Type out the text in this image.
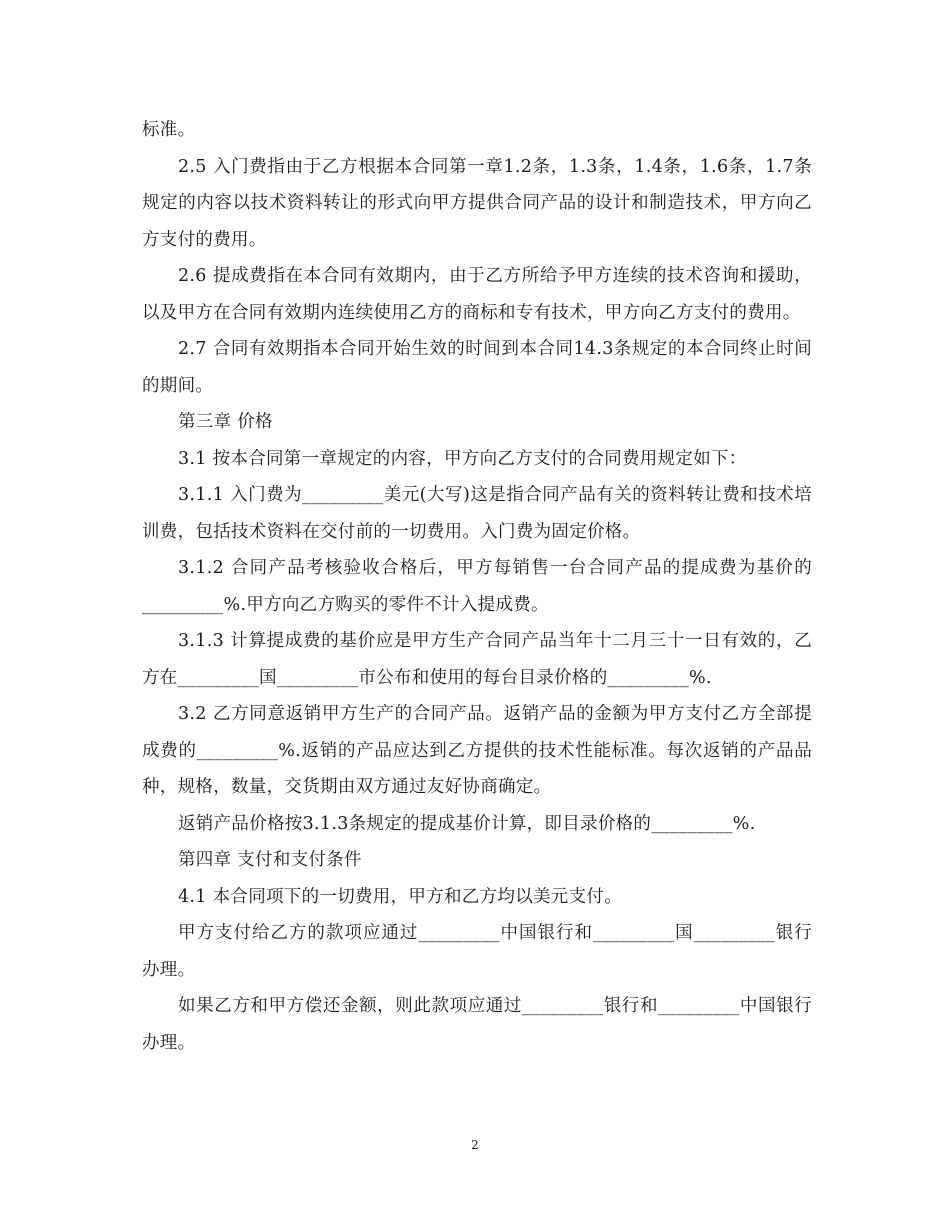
标准。

2.5 入门费指由于乙方根据本合同第一章1.2条，1.3条，1.4条，1.6条，1.7条规定的内容以技术资料转让的形式向甲方提供合同产品的设计和制造技术，甲方向乙方支付的费用。

2.6 提成费指在本合同有效期内，由于乙方所给予甲方连续的技术咨询和援助，以及甲方在合同有效期内连续使用乙方的商标和专有技术，甲方向乙方支付的费用。

2.7 合同有效期指本合同开始生效的时间到本合同14.3条规定的本合同终止时间的期间。

第三章 价格

3.1 按本合同第一章规定的内容，甲方向乙方支付的合同费用规定如下：

3.1.1 入门费为_________美元(大写)这是指合同产品有关的资料转让费和技术培训费，包括技术资料在交付前的一切费用。入门费为固定价格。

3.1.2 合同产品考核验收合格后，甲方每销售一台合同产品的提成费为基价的_________%.甲方向乙方购买的零件不计入提成费。

3.1.3 计算提成费的基价应是甲方生产合同产品当年十二月三十一日有效的，乙方在_________国_________市公布和使用的每台目录价格的_________%.

3.2 乙方同意返销甲方生产的合同产品。返销产品的金额为甲方支付乙方全部提成费的_________%.返销的产品应达到乙方提供的技术性能标准。每次返销的产品品种，规格，数量，交货期由双方通过友好协商确定。

返销产品价格按3.1.3条规定的提成基价计算，即目录价格的_________%.

第四章 支付和支付条件

4.1 本合同项下的一切费用，甲方和乙方均以美元支付。

甲方支付给乙方的款项应通过_________中国银行和_________国_________银行办理。

如果乙方和甲方偿还金额，则此款项应通过_________银行和_________中国银行办理。

2
